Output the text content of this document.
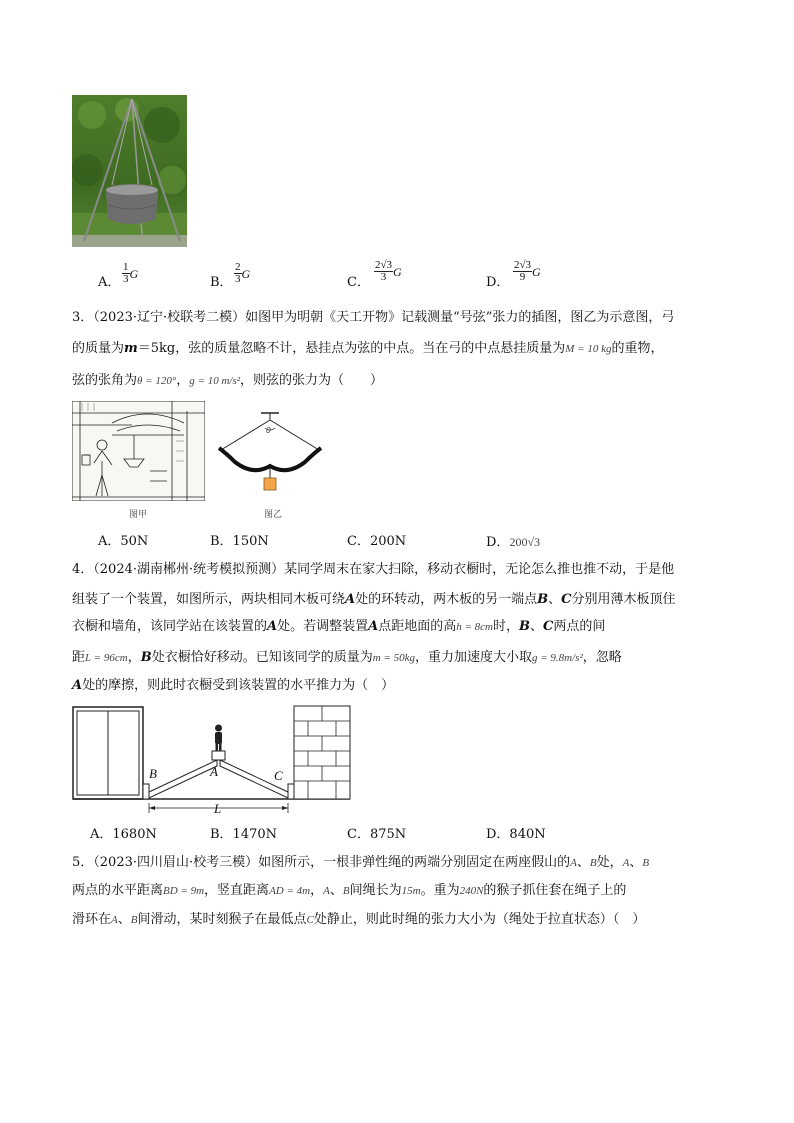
A． $\frac{1}{3}$ G
B． $\frac{2}{3}$ G
C． $\frac{2√3}{3}$ G
D． $\frac{2√3}{9}$ G
3．（2023·辽宁·校联考二模）如图甲为明朝《天工开物》记载测量“号弦”张力的插图，图乙为示意图，弓
的质量为m＝5kg，弦的质量忽略不计，悬挂点为弦的中点。当在弓的中点悬挂质量为M = 10 kg的重物，
弦的张角为θ = 120°，g = 10 m/s²，则弦的张力为（　　）
图甲
θ
图乙
A．50N	B．150N	C．200N	D．200√3
4．（2024·湖南郴州·统考模拟预测）某同学周末在家大扫除，移动衣橱时，无论怎么推也推不动，于是他
组装了一个装置，如图所示，两块相同木板可绕A处的环转动，两木板的另一端点B、C分别用薄木板顶住
衣橱和墙角，该同学站在该装置的A处。若调整装置A点距地面的高h = 8cm时，B、C两点的间
距L = 96cm，B处衣橱恰好移动。已知该同学的质量为m = 50kg，重力加速度大小取g = 9.8m/s²，忽略
A处的摩擦，则此时衣橱受到该装置的水平推力为（　）
B	A	C
L
A．1680N	B．1470N	C．875N	D．840N
5．（2023·四川眉山·校考三模）如图所示，一根非弹性绳的两端分别固定在两座假山的A、B处，A、B
两点的水平距离BD = 9m，竖直距离AD = 4m，A、B间绳长为15m。重为240N的猴子抓住套在绳子上的
滑环在A、B间滑动，某时刻猴子在最低点C处静止，则此时绳的张力大小为（绳处于拉直状态）（　）
